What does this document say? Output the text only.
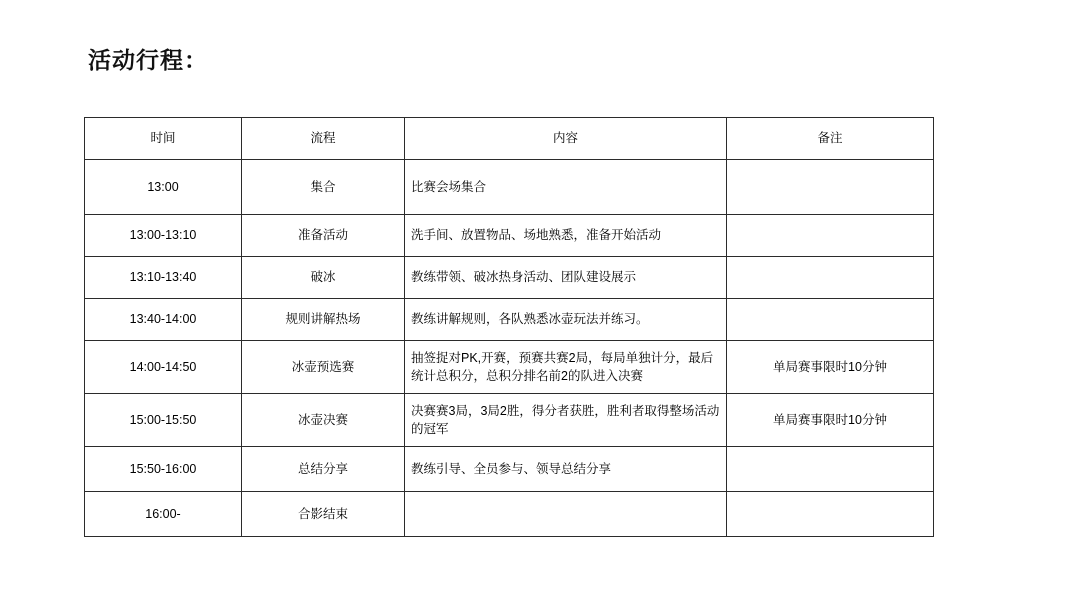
活动行程：
时间	流程	内容	备注
13:00	集合	比赛会场集合	
13:00-13:10	准备活动	洗手间、放置物品、场地熟悉，准备开始活动	
13:10-13:40	破冰	教练带领、破冰热身活动、团队建设展示	
13:40-14:00	规则讲解热场	教练讲解规则，各队熟悉冰壶玩法并练习。	
14:00-14:50	冰壶预选赛	抽签捉对PK,开赛，预赛共赛2局，每局单独计分，最后统计总积分，总积分排名前2的队进入决赛	单局赛事限时10分钟
15:00-15:50	冰壶决赛	决赛赛3局，3局2胜，得分者获胜，胜利者取得整场活动的冠军	单局赛事限时10分钟
15:50-16:00	总结分享	教练引导、全员参与、领导总结分享	
16:00-	合影结束		
